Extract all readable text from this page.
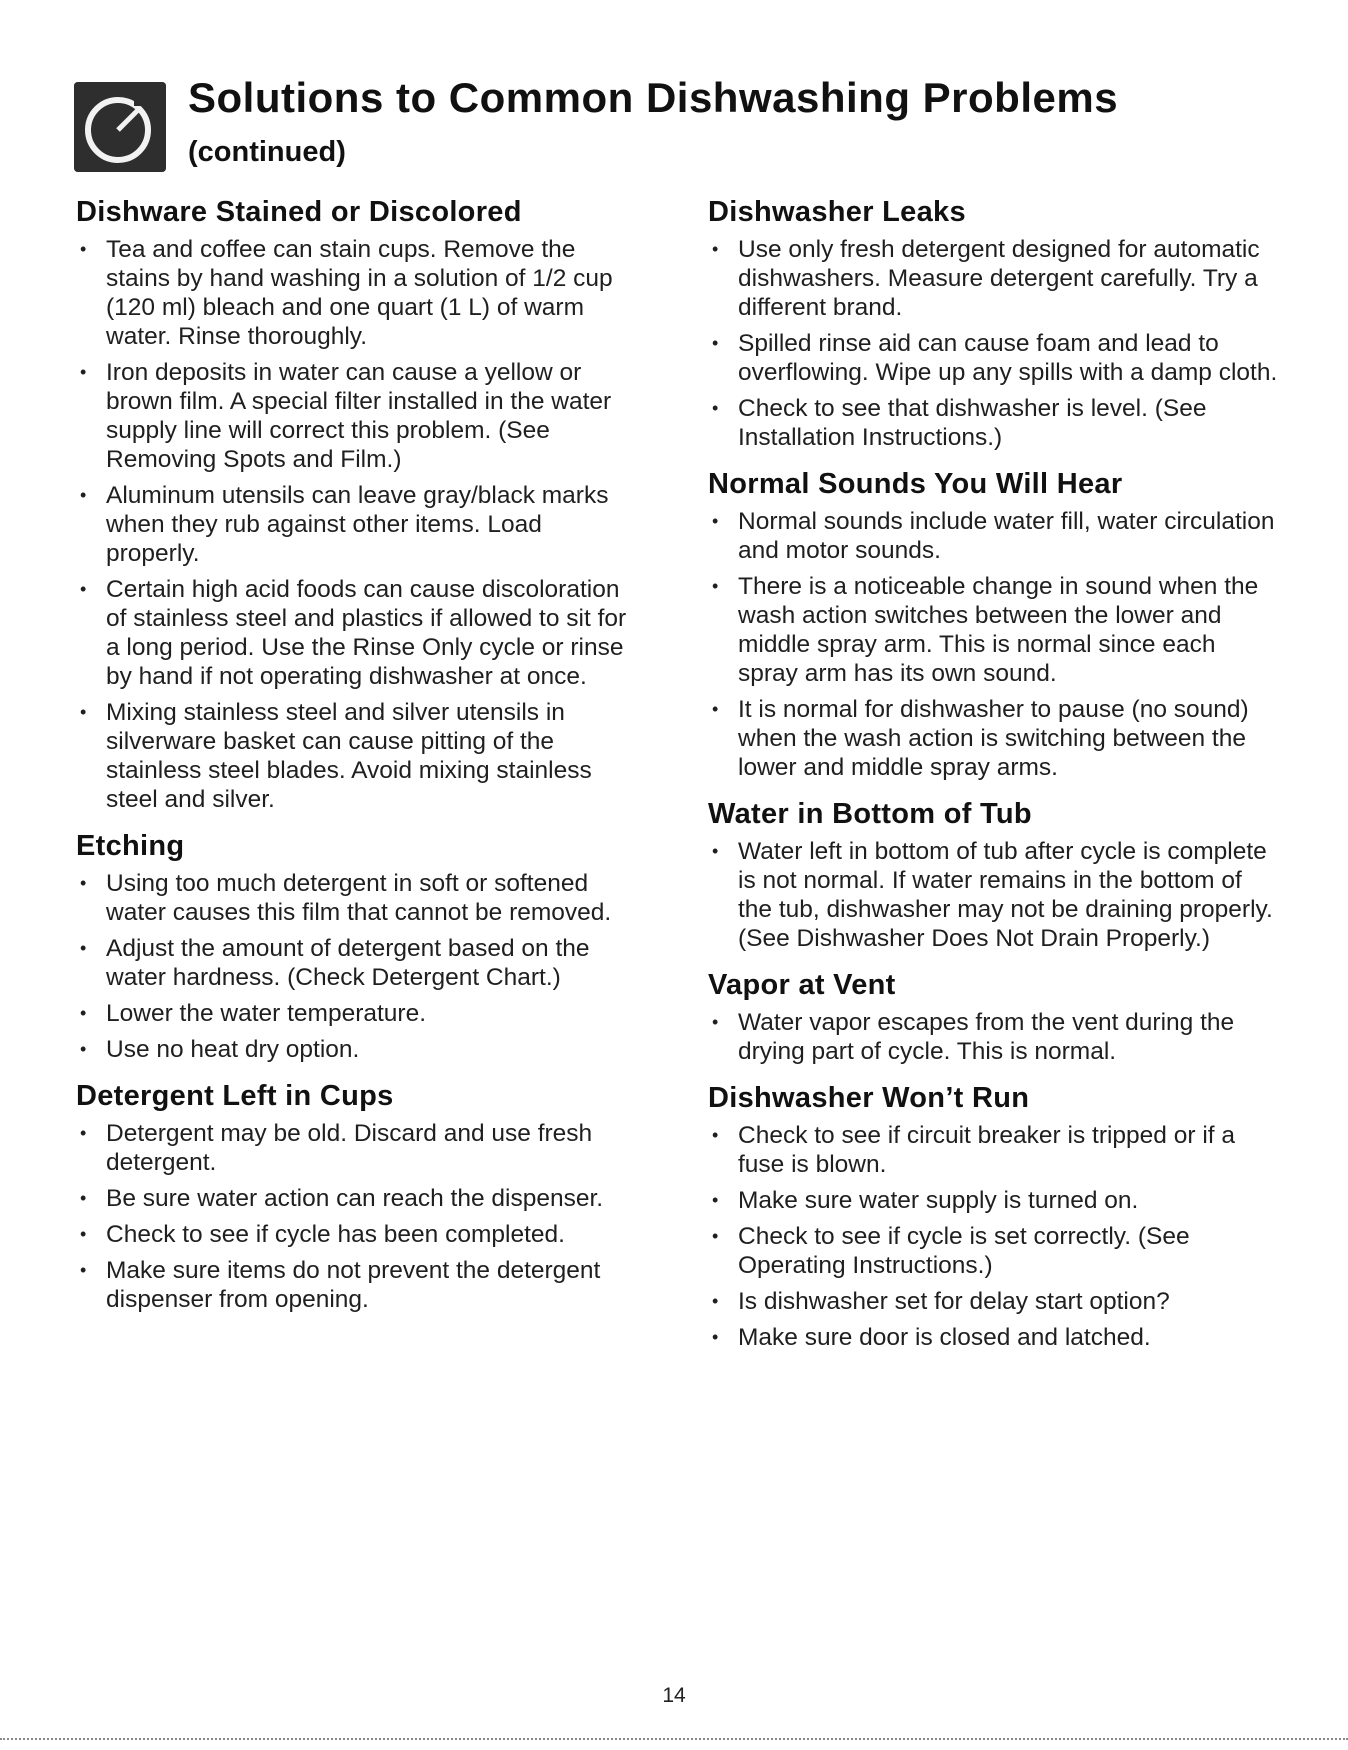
Solutions to Common Dishwashing Problems
(continued)
Dishware Stained or Discolored
• Tea and coffee can stain cups. Remove the stains by hand washing in a solution of 1/2 cup (120 ml) bleach and one quart (1 L) of warm water. Rinse thoroughly.
• Iron deposits in water can cause a yellow or brown film. A special filter installed in the water supply line will correct this problem. (See Removing Spots and Film.)
• Aluminum utensils can leave gray/black marks when they rub against other items. Load properly.
• Certain high acid foods can cause discoloration of stainless steel and plastics if allowed to sit for a long period. Use the Rinse Only cycle or rinse by hand if not operating dishwasher at once.
• Mixing stainless steel and silver utensils in silverware basket can cause pitting of the stainless steel blades. Avoid mixing stainless steel and silver.
Etching
• Using too much detergent in soft or softened water causes this film that cannot be removed.
• Adjust the amount of detergent based on the water hardness. (Check Detergent Chart.)
• Lower the water temperature.
• Use no heat dry option.
Detergent Left in Cups
• Detergent may be old. Discard and use fresh detergent.
• Be sure water action can reach the dispenser.
• Check to see if cycle has been completed.
• Make sure items do not prevent the detergent dispenser from opening.
Dishwasher Leaks
• Use only fresh detergent designed for automatic dishwashers. Measure detergent carefully. Try a different brand.
• Spilled rinse aid can cause foam and lead to overflowing. Wipe up any spills with a damp cloth.
• Check to see that dishwasher is level. (See Installation Instructions.)
Normal Sounds You Will Hear
• Normal sounds include water fill, water circulation and motor sounds.
• There is a noticeable change in sound when the wash action switches between the lower and middle spray arm. This is normal since each spray arm has its own sound.
• It is normal for dishwasher to pause (no sound) when the wash action is switching between the lower and middle spray arms.
Water in Bottom of Tub
• Water left in bottom of tub after cycle is complete is not normal. If water remains in the bottom of the tub, dishwasher may not be draining properly. (See Dishwasher Does Not Drain Properly.)
Vapor at Vent
• Water vapor escapes from the vent during the drying part of cycle. This is normal.
Dishwasher Won’t Run
• Check to see if circuit breaker is tripped or if a fuse is blown.
• Make sure water supply is turned on.
• Check to see if cycle is set correctly. (See Operating Instructions.)
• Is dishwasher set for delay start option?
• Make sure door is closed and latched.
14
